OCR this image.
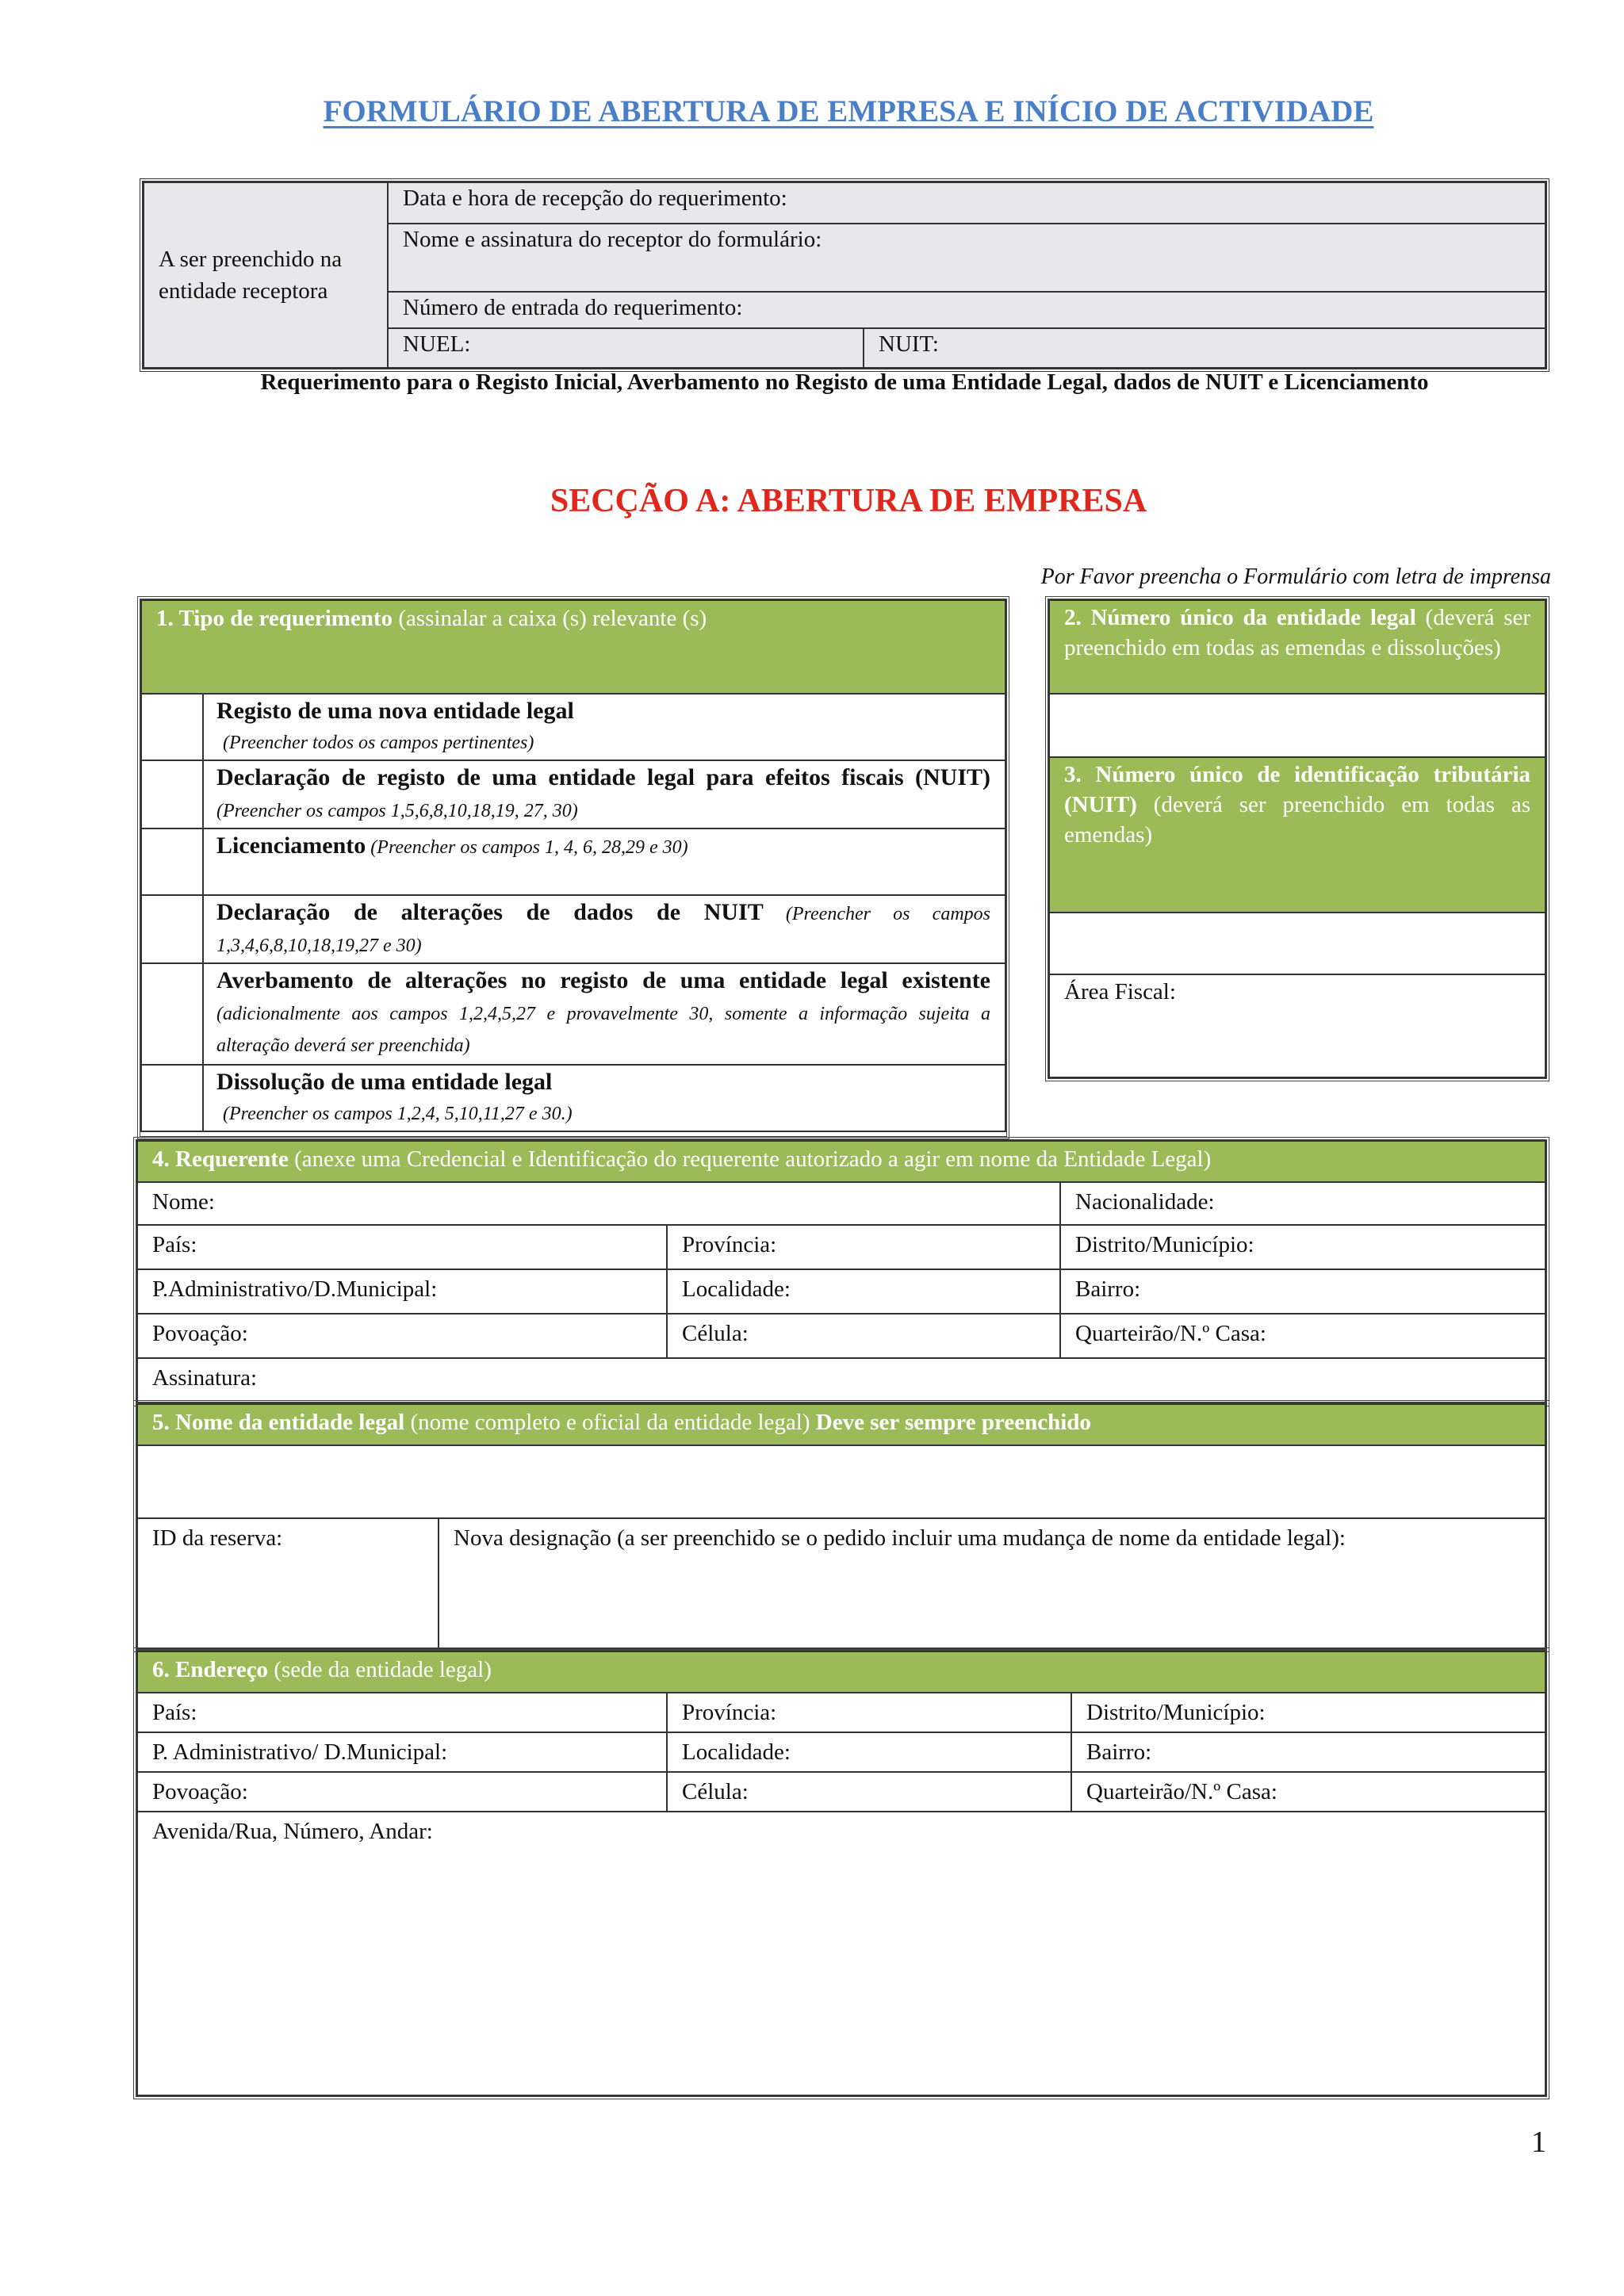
FORMULÁRIO DE ABERTURA DE EMPRESA E INÍCIO DE ACTIVIDADE
A ser preenchido na entidade receptora	Data e hora de recepção do requerimento:	
	Nome e assinatura do receptor do formulário:	
	Número de entrada do requerimento:	
	NUEL:	NUIT:
Requerimento para o Registo Inicial, Averbamento no Registo de uma Entidade Legal, dados de NUIT e Licenciamento
SECÇÃO A: ABERTURA DE EMPRESA
Por Favor preencha o Formulário com letra de imprensa
1. Tipo de requerimento (assinalar a caixa (s) relevante (s)	
	Registo de uma nova entidade legal
(Preencher todos os campos pertinentes)
	Declaração de registo de uma entidade legal para efeitos fiscais (NUIT) (Preencher os campos 1,5,6,8,10,18,19, 27, 30)
	Licenciamento (Preencher os campos 1, 4, 6, 28,29 e 30)
	Declaração de alterações de dados de NUIT (Preencher os campos 1,3,4,6,8,10,18,19,27 e 30)
	Averbamento de alterações no registo de uma entidade legal existente (adicionalmente aos campos 1,2,4,5,27 e provavelmente 30, somente a informação sujeita a alteração deverá ser preenchida)
	Dissolução de uma entidade legal
(Preencher os campos 1,2,4, 5,10,11,27 e 30.)
2. Número único da entidade legal (deverá ser preenchido em todas as emendas e dissoluções)

3. Número único de identificação tributária (NUIT) (deverá ser preenchido em todas as emendas)

Área Fiscal:
4. Requerente (anexe uma Credencial e Identificação do requerente autorizado a agir em nome da Entidade Legal)		
Nome:		Nacionalidade:
País:	Província:	Distrito/Município:
P.Administrativo/D.Municipal:	Localidade:	Bairro:
Povoação:	Célula:	Quarteirão/N.º Casa:
Assinatura:		
5. Nome da entidade legal (nome completo e oficial da entidade legal) Deve ser sempre preenchido

ID da reserva:	Nova designação (a ser preenchido se o pedido incluir uma mudança de nome da entidade legal):
6. Endereço (sede da entidade legal)		
País:	Província:	Distrito/Município:
P. Administrativo/ D.Municipal:	Localidade:	Bairro:
Povoação:	Célula:	Quarteirão/N.º Casa:
Avenida/Rua, Número, Andar:		
1
